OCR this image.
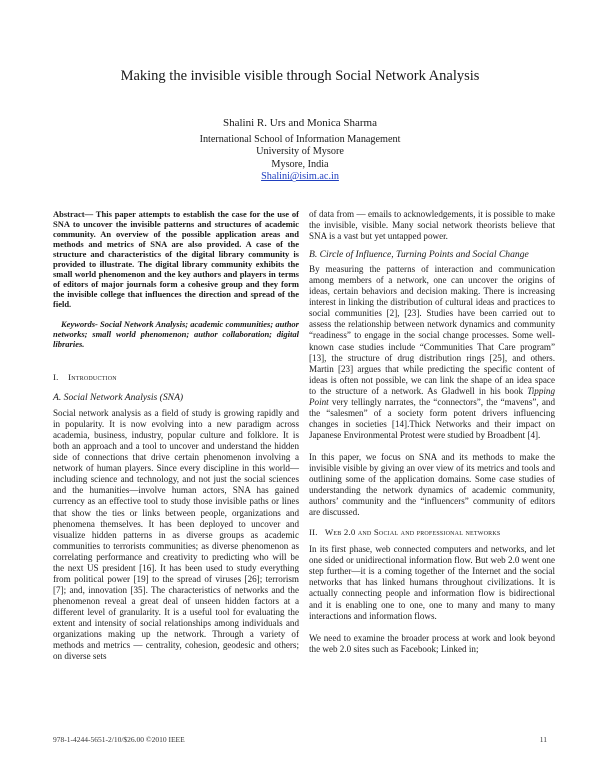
Making the invisible visible through Social Network Analysis
Shalini R. Urs and Monica Sharma
International School of Information Management
University of Mysore
Mysore, India
Shalini@isim.ac.in

Abstract— This paper attempts to establish the case for the use of SNA to uncover the invisible patterns and structures of academic community. An overview of the possible application areas and methods and metrics of SNA are also provided. A case of the structure and characteristics of the digital library community is provided to illustrate. The digital library community exhibits the small world phenomenon and the key authors and players in terms of editors of major journals form a cohesive group and they form the invisible college that influences the direction and spread of the field.

Keywords- Social Network Analysis; academic communities; author networks; small world phenomenon; author collaboration; digital libraries.

I. Introduction

A. Social Network Analysis (SNA)

Social network analysis as a field of study is growing rapidly and in popularity. It is now evolving into a new paradigm across academia, business, industry, popular culture and folklore. It is both an approach and a tool to uncover and understand the hidden side of connections that drive certain phenomenon involving a network of human players. Since every discipline in this world—including science and technology, and not just the social sciences and the humanities—involve human actors, SNA has gained currency as an effective tool to study those invisible paths or lines that show the ties or links between people, organizations and phenomena themselves. It has been deployed to uncover and visualize hidden patterns in as diverse groups as academic communities to terrorists communities; as diverse phenomenon as correlating performance and creativity to predicting who will be the next US president [16]. It has been used to study everything from political power [19] to the spread of viruses [26]; terrorism [7]; and, innovation [35]. The characteristics of networks and the phenomenon reveal a great deal of unseen hidden factors at a different level of granularity. It is a useful tool for evaluating the extent and intensity of social relationships among individuals and organizations making up the network. Through a variety of methods and metrics — centrality, cohesion, geodesic and others; on diverse sets

of data from — emails to acknowledgements, it is possible to make the invisible, visible. Many social network theorists believe that SNA is a vast but yet untapped power.

B. Circle of Influence, Turning Points and Social Change

By measuring the patterns of interaction and communication among members of a network, one can uncover the origins of ideas, certain behaviors and decision making. There is increasing interest in linking the distribution of cultural ideas and practices to social communities [2], [23]. Studies have been carried out to assess the relationship between network dynamics and community “readiness” to engage in the social change processes. Some well-known case studies include “Communities That Care program” [13], the structure of drug distribution rings [25], and others. Martin [23] argues that while predicting the specific content of ideas is often not possible, we can link the shape of an idea space to the structure of a network. As Gladwell in his book Tipping Point very tellingly narrates, the “connectors”, the “mavens”, and the “salesmen” of a society form potent drivers influencing changes in societies [14].Thick Networks and their impact on Japanese Environmental Protest were studied by Broadbent [4].

In this paper, we focus on SNA and its methods to make the invisible visible by giving an over view of its metrics and tools and outlining some of the application domains. Some case studies of understanding the network dynamics of academic community, authors’ community and the “influencers” community of editors are discussed.

II. Web 2.0 and Social and professional networks

In its first phase, web connected computers and networks, and let one sided or unidirectional information flow. But web 2.0 went one step further—it is a coming together of the Internet and the social networks that has linked humans throughout civilizations. It is actually connecting people and information flow is bidirectional and it is enabling one to one, one to many and many to many interactions and information flows.

We need to examine the broader process at work and look beyond the web 2.0 sites such as Facebook; Linked in;

978-1-4244-5651-2/10/$26.00 ©2010 IEEE	11
